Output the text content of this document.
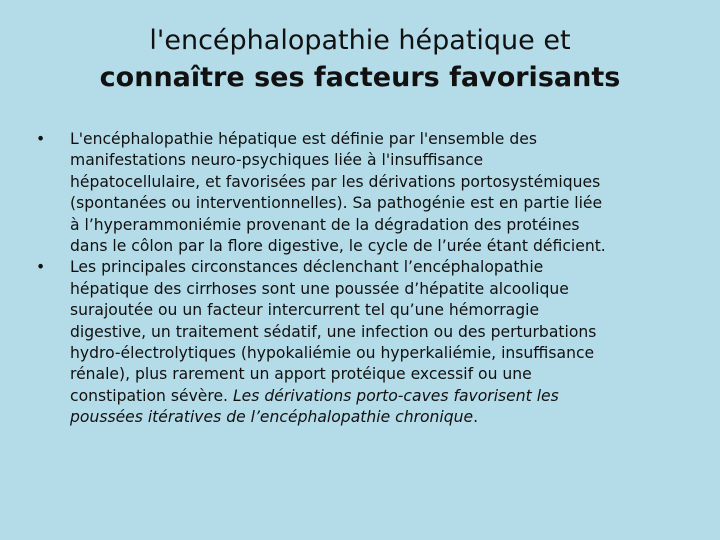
l'encéphalopathie hépatique et
connaître ses facteurs favorisants
•	L'encéphalopathie hépatique est définie par l'ensemble des
manifestations neuro-psychiques liée à l'insuffisance
hépatocellulaire, et favorisées par les dérivations portosystémiques
(spontanées ou interventionnelles). Sa pathogénie est en partie liée
à l’hyperammoniémie provenant de la dégradation des protéines
dans le côlon par la flore digestive, le cycle de l’urée étant déficient.
•	Les principales circonstances déclenchant l’encéphalopathie
hépatique des cirrhoses sont une poussée d’hépatite alcoolique
surajoutée ou un facteur intercurrent tel qu’une hémorragie
digestive, un traitement sédatif, une infection ou des perturbations
hydro-électrolytiques (hypokaliémie ou hyperkaliémie, insuffisance
rénale), plus rarement un apport protéique excessif ou une
constipation sévère. Les dérivations porto-caves favorisent les
poussées itératives de l’encéphalopathie chronique.
